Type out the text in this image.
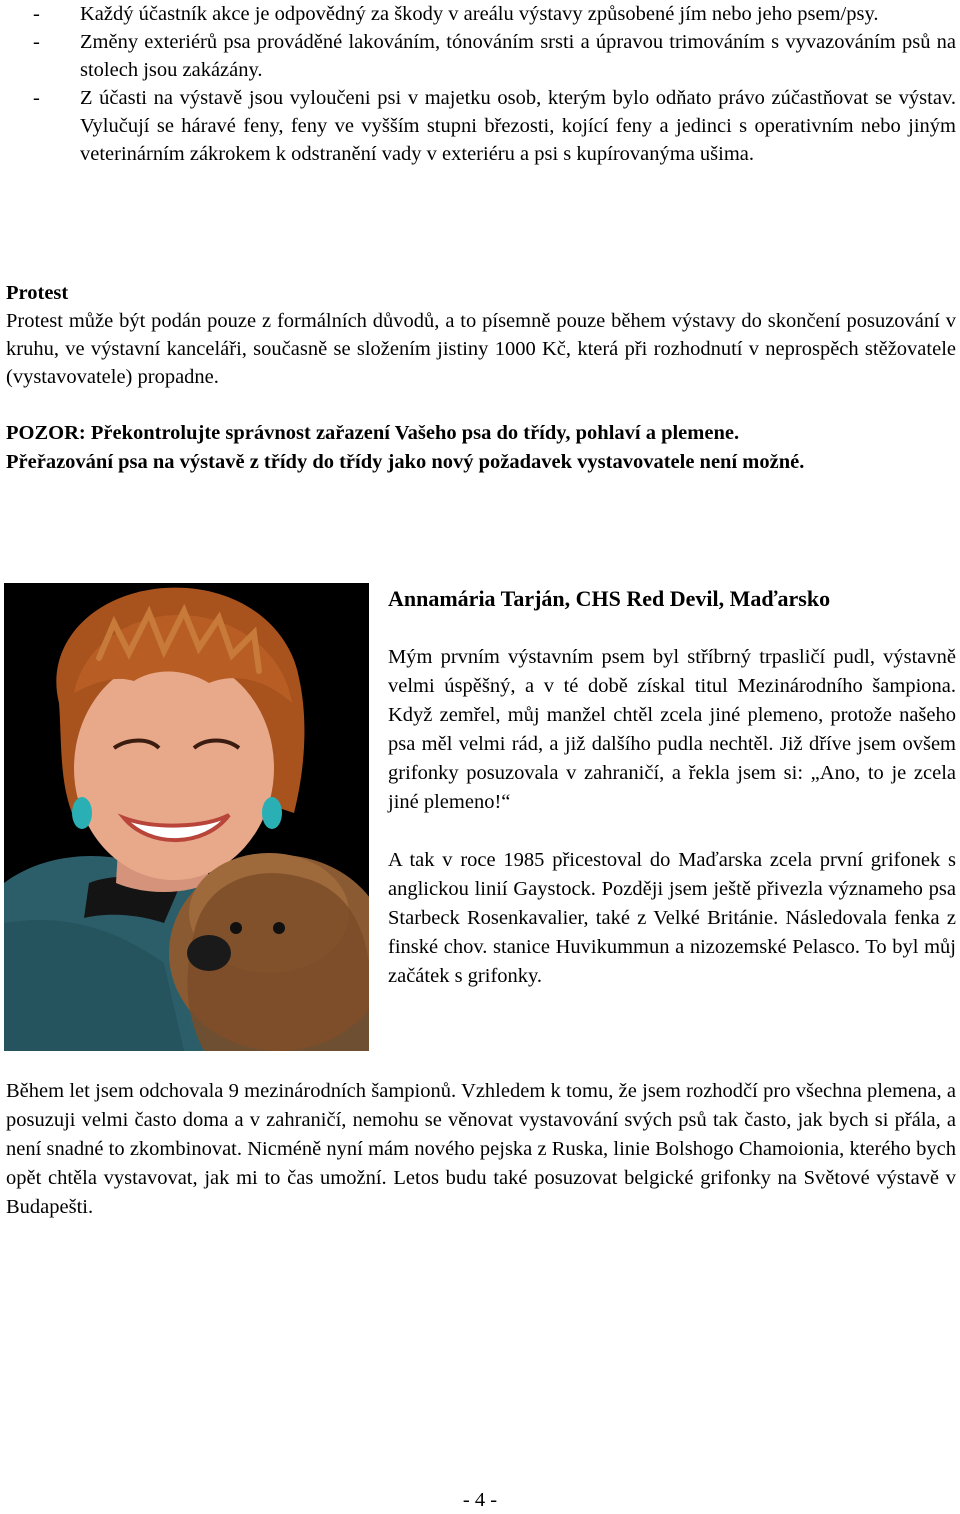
- Každý účastník akce je odpovědný za škody v areálu výstavy způsobené jím nebo jeho psem/psy.
- Změny exteriérů psa prováděné lakováním, tónováním srsti a úpravou trimováním s vyvazováním psů na stolech jsou zakázány.
- Z účasti na výstavě jsou vyloučeni psi v majetku osob, kterým bylo odňato právo zúčastňovat se výstav. Vylučují se háravé feny, feny ve vyšším stupni březosti, kojící feny a jedinci s operativním nebo jiným veterinárním zákrokem k odstranění vady v exteriéru a psi s kupírovanýma ušima.

Protest

Protest může být podán pouze z formálních důvodů, a to písemně pouze během výstavy do skončení posuzování v kruhu, ve výstavní kanceláři, současně se složením jistiny 1000 Kč, která při rozhodnutí v neprospěch stěžovatele (vystavovatele) propadne.

POZOR: Překontrolujte správnost zařazení Vašeho psa do třídy, pohlaví a plemene.
Přeřazování psa na výstavě z třídy do třídy jako nový požadavek vystavovatele není možné.

Annamária Tarján, CHS Red Devil, Maďarsko

Mým prvním výstavním psem byl stříbrný trpasličí pudl, výstavně velmi úspěšný, a v té době získal titul Mezinárodního šampiona. Když zemřel, můj manžel chtěl zcela jiné plemeno, protože našeho psa měl velmi rád, a již dalšího pudla nechtěl. Již dříve jsem ovšem grifonky posuzovala v zahraničí, a řekla jsem si: „Ano, to je zcela jiné plemeno!“

A tak v roce 1985 přicestoval do Maďarska zcela první grifonek s anglickou linií Gaystock. Později jsem ještě přivezla význameho psa Starbeck Rosenkavalier, také z Velké Británie. Následovala fenka z finské chov. stanice Huvikummun a nizozemské Pelasco. To byl můj začátek s grifonky.

Během let jsem odchovala 9 mezinárodních šampionů. Vzhledem k tomu, že jsem rozhodčí pro všechna plemena, a posuzuji velmi často doma a v zahraničí, nemohu se věnovat vystavování svých psů tak často, jak bych si přála, a není snadné to zkombinovat. Nicméně nyní mám nového pejska z Ruska, linie Bolshogo Chamoionia, kterého bych opět chtěla vystavovat, jak mi to čas umožní. Letos budu také posuzovat belgické grifonky na Světové výstavě v Budapešti.

- 4 -
